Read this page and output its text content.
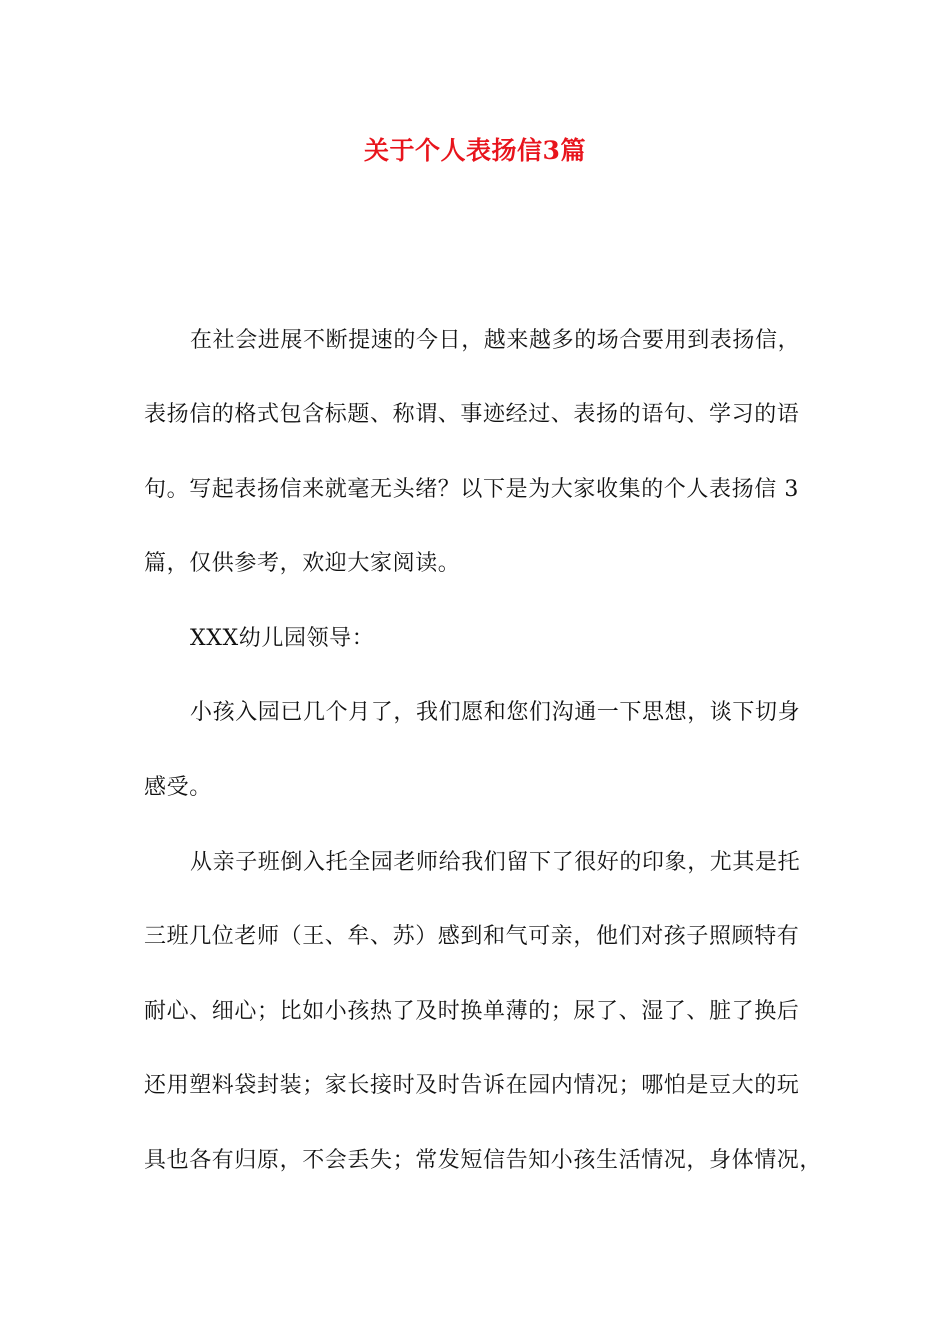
关于个人表扬信3篇
在社会进展不断提速的今日，越来越多的场合要用到表扬信，
表扬信的格式包含标题、称谓、事迹经过、表扬的语句、学习的语
句。写起表扬信来就毫无头绪？以下是为大家收集的个人表扬信 3
篇，仅供参考，欢迎大家阅读。
XXX幼儿园领导：
小孩入园已几个月了，我们愿和您们沟通一下思想，谈下切身
感受。
从亲子班倒入托全园老师给我们留下了很好的印象，尤其是托
三班几位老师（王、牟、苏）感到和气可亲，他们对孩子照顾特有
耐心、细心；比如小孩热了及时换单薄的；尿了、湿了、脏了换后
还用塑料袋封装；家长接时及时告诉在园内情况；哪怕是豆大的玩
具也各有归原，不会丢失；常发短信告知小孩生活情况，身体情况，
